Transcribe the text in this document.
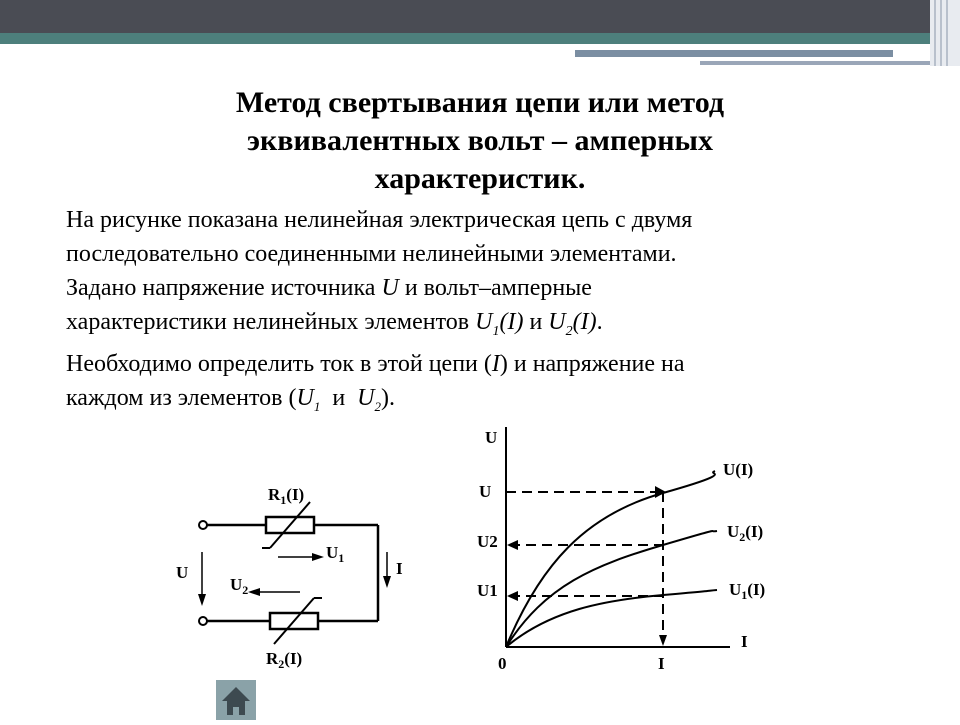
Метод свертывания цепи или метод эквивалентных вольт – амперных характеристик.
На рисунке показана нелинейная электрическая цепь с двумя
последовательно соединенными нелинейными элементами.
Задано напряжение источника U и вольт–амперные
характеристики нелинейных элементов $U_1(I)$ и $U_2(I)$.
Необходимо определить ток в этой цепи (I) и напряжение на
каждом из элементов ($U_1$  и  $U_2$).
$R_1(I)$
$R_2(I)$
U
$U_1$
$U_2$
I
U
I
0	I
U
U2
U1
U(I)
$U_2(I)$
$U_1(I)$
